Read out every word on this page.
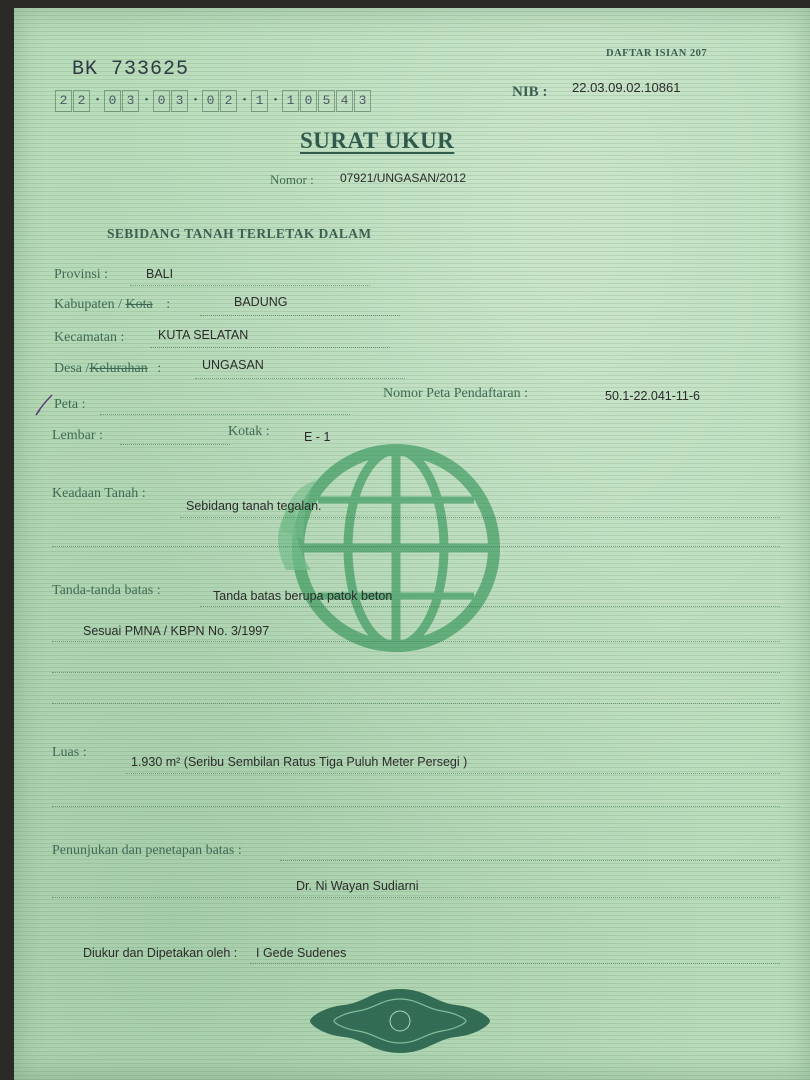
BK 733625
DAFTAR ISIAN 207
NIB : 22.03.09.02.10861
2 2 • 0 3 • 0 3 • 0 2 • 1 • 1 0 5 4 3
SURAT UKUR
Nomor : 07921/UNGASAN/2012
SEBIDANG TANAH TERLETAK DALAM
Provinsi :	BALI
Kabupaten / Kota :	BADUNG
Kecamatan :	KUTA SELATAN
Desa /Kelurahan :	UNGASAN
Peta :
Nomor Peta Pendaftaran :	50.1-22.041-11-6
Lembar :	Kotak :	E - 1
Keadaan Tanah :
Sebidang tanah tegalan.
Tanda-tanda batas :	Tanda batas berupa patok beton
Sesuai PMNA / KBPN No. 3/1997
Luas :
1.930 m² (Seribu Sembilan Ratus Tiga Puluh Meter Persegi )
Penunjukan dan penetapan batas :
Dr. Ni Wayan Sudiarni
Diukur dan Dipetakan oleh : I Gede Sudenes
